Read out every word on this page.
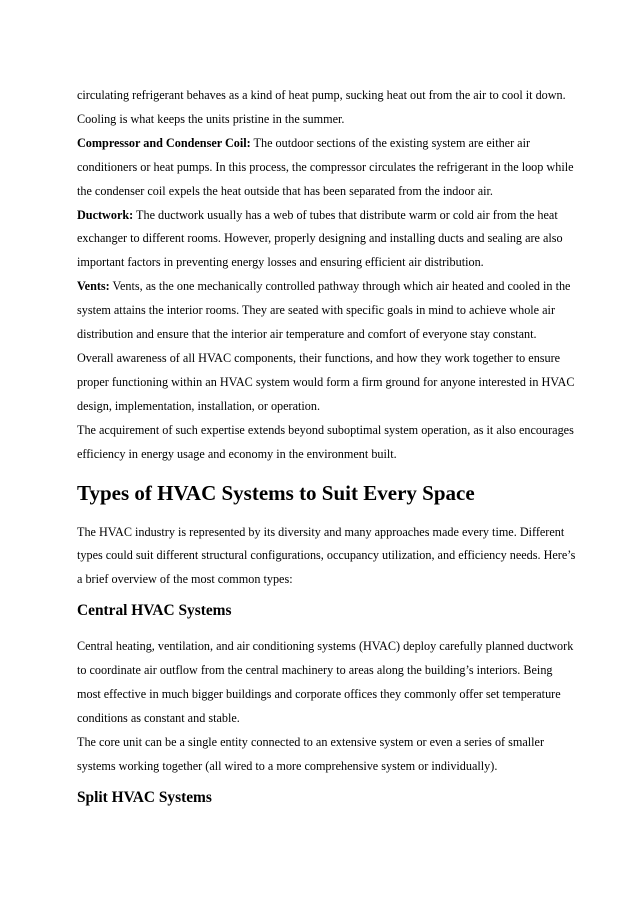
circulating refrigerant behaves as a kind of heat pump, sucking heat out from the air to cool it down. Cooling is what keeps the units pristine in the summer.

Compressor and Condenser Coil: The outdoor sections of the existing system are either air conditioners or heat pumps. In this process, the compressor circulates the refrigerant in the loop while the condenser coil expels the heat outside that has been separated from the indoor air.

Ductwork: The ductwork usually has a web of tubes that distribute warm or cold air from the heat exchanger to different rooms. However, properly designing and installing ducts and sealing are also important factors in preventing energy losses and ensuring efficient air distribution.

Vents: Vents, as the one mechanically controlled pathway through which air heated and cooled in the system attains the interior rooms. They are seated with specific goals in mind to achieve whole air distribution and ensure that the interior air temperature and comfort of everyone stay constant.

Overall awareness of all HVAC components, their functions, and how they work together to ensure proper functioning within an HVAC system would form a firm ground for anyone interested in HVAC design, implementation, installation, or operation.

The acquirement of such expertise extends beyond suboptimal system operation, as it also encourages efficiency in energy usage and economy in the environment built.

Types of HVAC Systems to Suit Every Space

The HVAC industry is represented by its diversity and many approaches made every time. Different types could suit different structural configurations, occupancy utilization, and efficiency needs. Here’s a brief overview of the most common types:

Central HVAC Systems

Central heating, ventilation, and air conditioning systems (HVAC) deploy carefully planned ductwork to coordinate air outflow from the central machinery to areas along the building’s interiors. Being most effective in much bigger buildings and corporate offices they commonly offer set temperature conditions as constant and stable.

The core unit can be a single entity connected to an extensive system or even a series of smaller systems working together (all wired to a more comprehensive system or individually).

Split HVAC Systems
